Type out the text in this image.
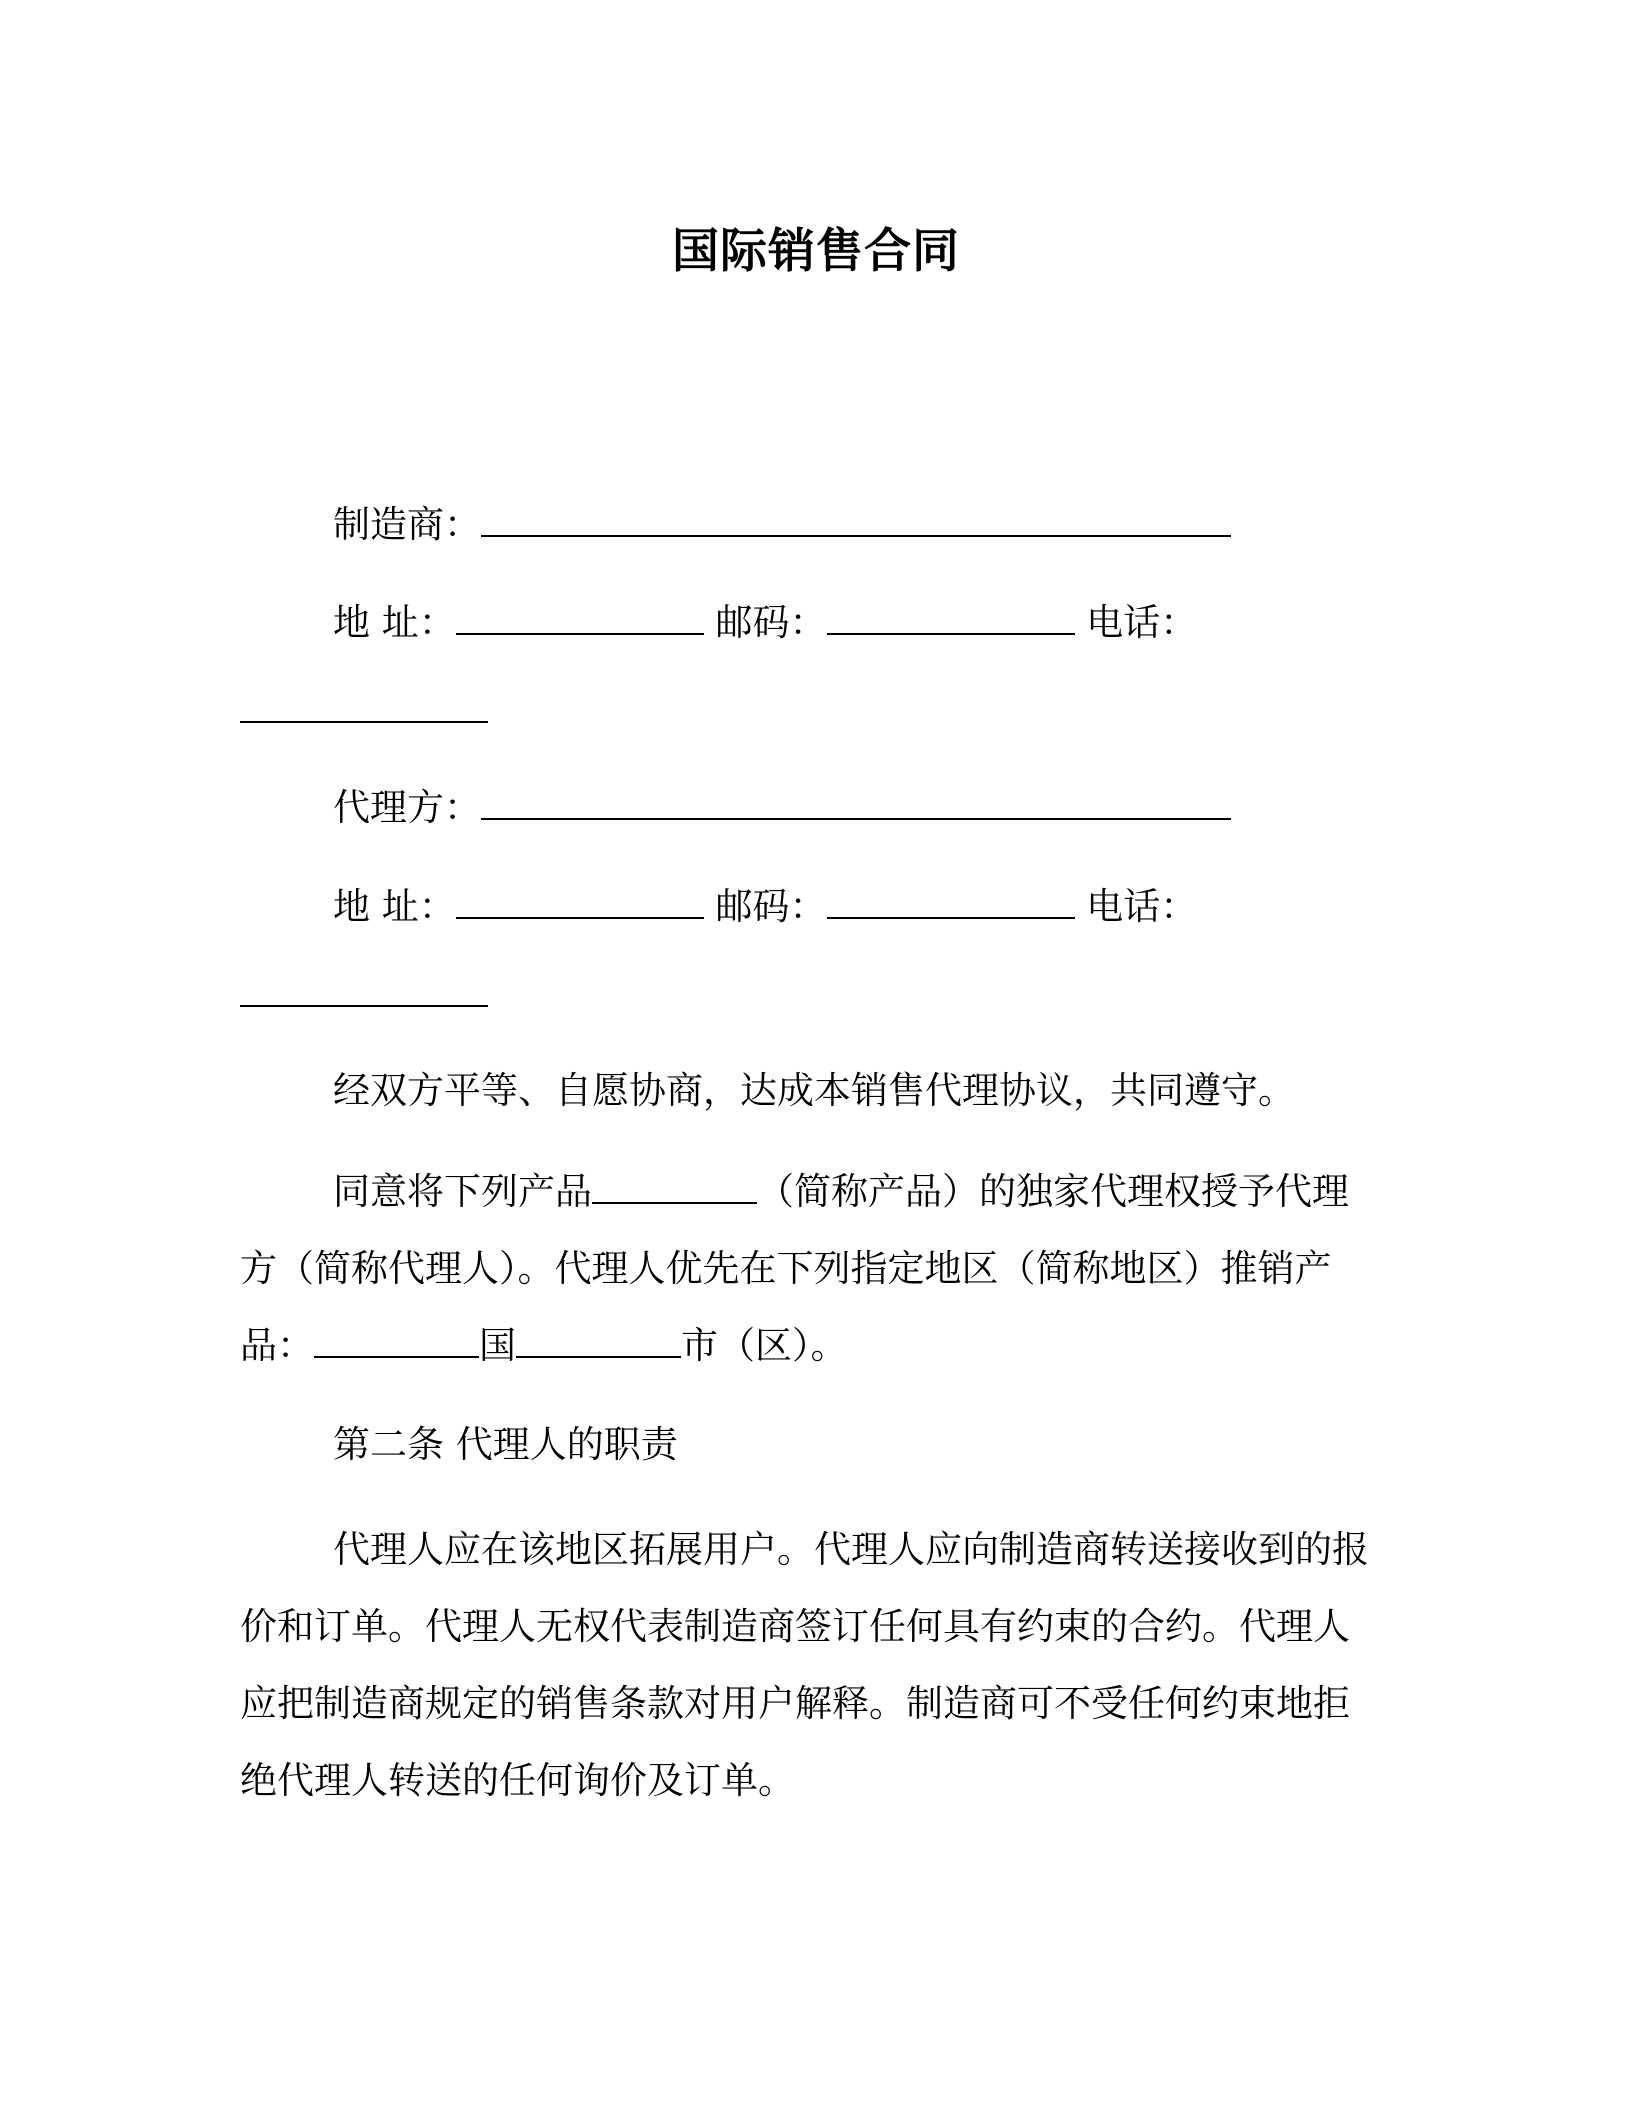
国际销售合同
制造商：
地 址：	邮码：	电话：
代理方：
地 址：	邮码：	电话：
经双方平等、自愿协商，达成本销售代理协议，共同遵守。
同意将下列产品	（简称产品）的独家代理权授予代理方（简称代理人）。代理人优先在下列指定地区（简称地区）推销产品：	国	市（区）。
第二条 代理人的职责
代理人应在该地区拓展用户。代理人应向制造商转送接收到的报价和订单。代理人无权代表制造商签订任何具有约束的合约。代理人应把制造商规定的销售条款对用户解释。制造商可不受任何约束地拒绝代理人转送的任何询价及订单。
